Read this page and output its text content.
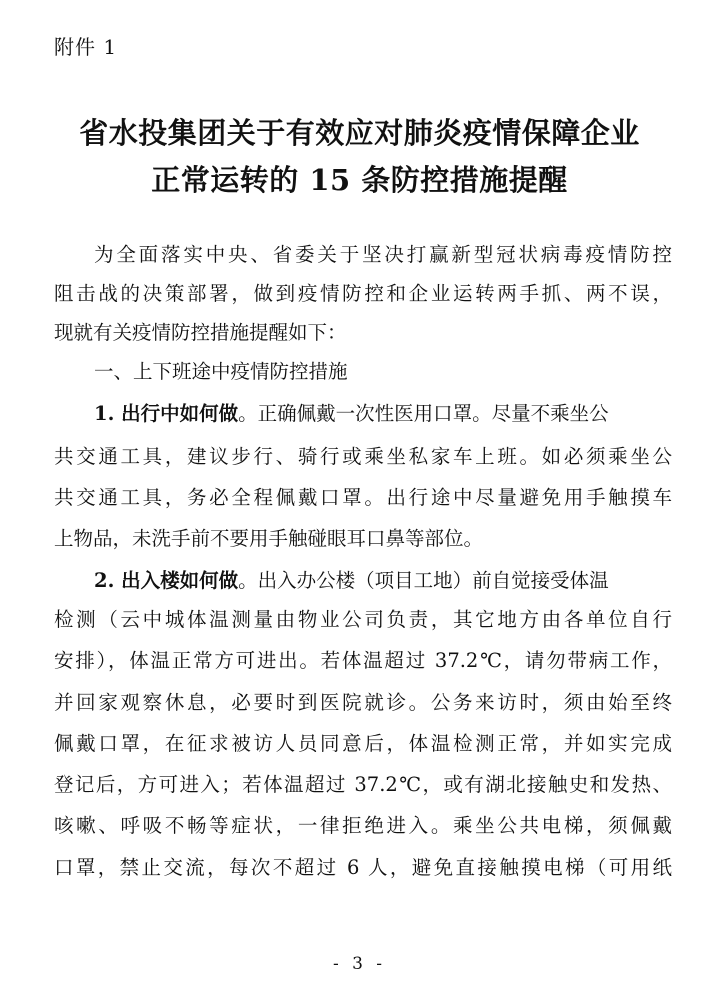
附件 1
省水投集团关于有效应对肺炎疫情保障企业
正常运转的 15 条防控措施提醒
为全面落实中央、省委关于坚决打赢新型冠状病毒疫情防控
阻击战的决策部署，做到疫情防控和企业运转两手抓、两不误，
现就有关疫情防控措施提醒如下：
一、上下班途中疫情防控措施
1. 出行中如何做。正确佩戴一次性医用口罩。尽量不乘坐公
共交通工具，建议步行、骑行或乘坐私家车上班。如必须乘坐公
共交通工具，务必全程佩戴口罩。出行途中尽量避免用手触摸车
上物品，未洗手前不要用手触碰眼耳口鼻等部位。
2. 出入楼如何做。出入办公楼（项目工地）前自觉接受体温
检测（云中城体温测量由物业公司负责，其它地方由各单位自行
安排），体温正常方可进出。若体温超过 37.2℃，请勿带病工作，
并回家观察休息，必要时到医院就诊。公务来访时，须由始至终
佩戴口罩，在征求被访人员同意后，体温检测正常，并如实完成
登记后，方可进入；若体温超过 37.2℃，或有湖北接触史和发热、
咳嗽、呼吸不畅等症状，一律拒绝进入。乘坐公共电梯，须佩戴
口罩，禁止交流，每次不超过 6 人，避免直接触摸电梯（可用纸
- 3 -
